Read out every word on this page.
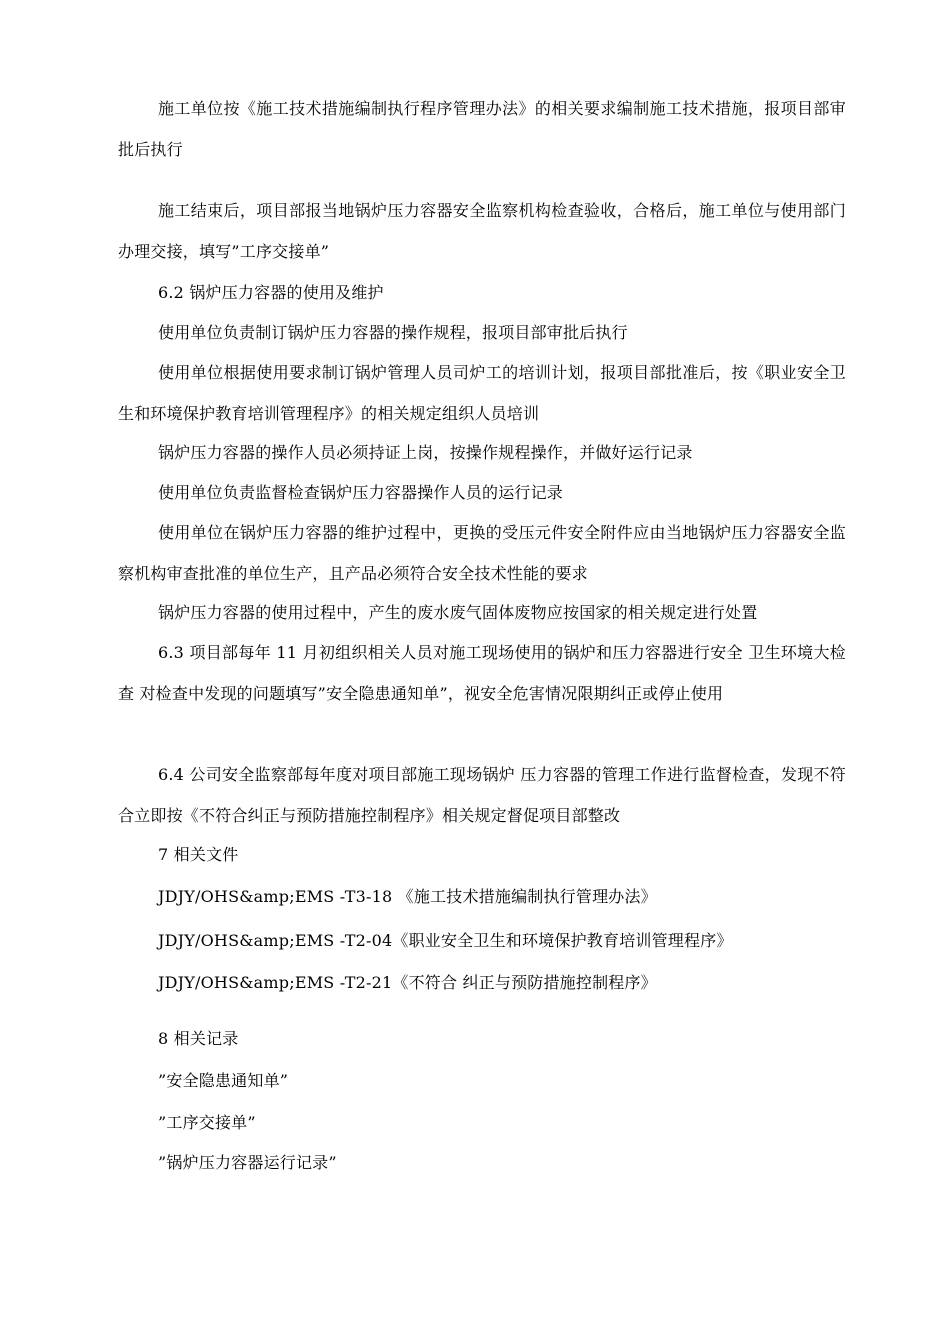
施工单位按《施工技术措施编制执行程序管理办法》的相关要求编制施工技术措施，报项目部审批后执行

施工结束后，项目部报当地锅炉压力容器安全监察机构检查验收，合格后，施工单位与使用部门办理交接，填写”工序交接单”

6.2 锅炉压力容器的使用及维护

使用单位负责制订锅炉压力容器的操作规程，报项目部审批后执行

使用单位根据使用要求制订锅炉管理人员司炉工的培训计划，报项目部批准后，按《职业安全卫生和环境保护教育培训管理程序》的相关规定组织人员培训

锅炉压力容器的操作人员必须持证上岗，按操作规程操作，并做好运行记录

使用单位负责监督检查锅炉压力容器操作人员的运行记录

使用单位在锅炉压力容器的维护过程中，更换的受压元件安全附件应由当地锅炉压力容器安全监察机构审查批准的单位生产，且产品必须符合安全技术性能的要求

锅炉压力容器的使用过程中，产生的废水废气固体废物应按国家的相关规定进行处置

6.3 项目部每年 11 月初组织相关人员对施工现场使用的锅炉和压力容器进行安全 卫生环境大检查 对检查中发现的问题填写”安全隐患通知单”，视安全危害情况限期纠正或停止使用

6.4 公司安全监察部每年度对项目部施工现场锅炉 压力容器的管理工作进行监督检查，发现不符合立即按《不符合纠正与预防措施控制程序》相关规定督促项目部整改

7 相关文件

JDJY/OHS&amp;EMS -T3-18 《施工技术措施编制执行管理办法》

JDJY/OHS&amp;EMS -T2-04《职业安全卫生和环境保护教育培训管理程序》

JDJY/OHS&amp;EMS -T2-21《不符合 纠正与预防措施控制程序》

8 相关记录

”安全隐患通知单”

”工序交接单”

”锅炉压力容器运行记录”
